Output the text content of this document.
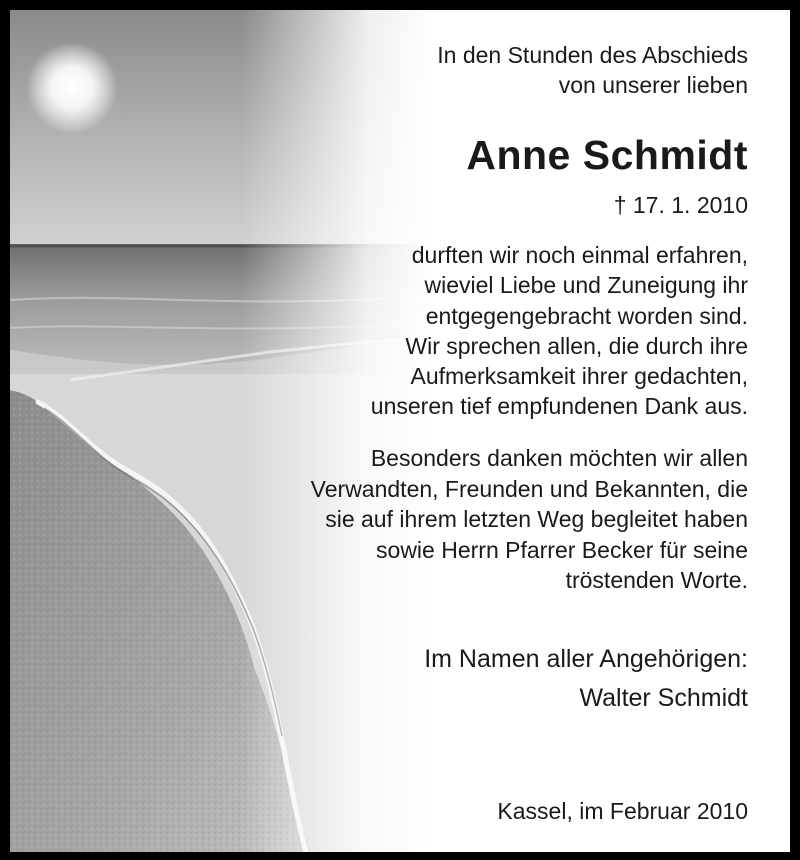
In den Stunden des Abschieds
von unserer lieben
Anne Schmidt
† 17. 1. 2010
durften wir noch einmal erfahren,
wieviel Liebe und Zuneigung ihr
entgegengebracht worden sind.
Wir sprechen allen, die durch ihre
Aufmerksamkeit ihrer gedachten,
unseren tief empfundenen Dank aus.
Besonders danken möchten wir allen
Verwandten, Freunden und Bekannten, die
sie auf ihrem letzten Weg begleitet haben
sowie Herrn Pfarrer Becker für seine
tröstenden Worte.
Im Namen aller Angehörigen:
Walter Schmidt
Kassel, im Februar 2010
